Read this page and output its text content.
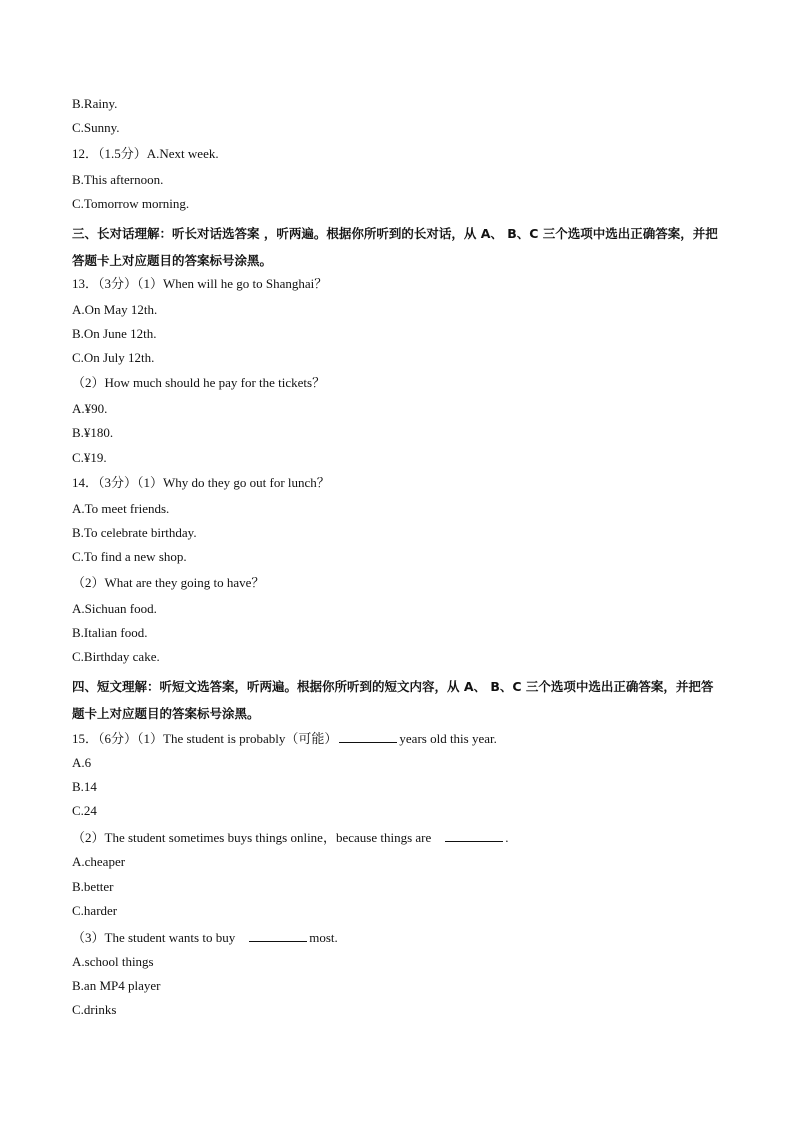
B.Rainy.
C.Sunny.
12．（1.5分）A.Next week.
B.This afternoon.
C.Tomorrow morning.
三、长对话理解：听长对话选答案 ，听两遍。根据你所听到的长对话，从 A、 B、C 三个选项中选出正确答案，并把答题卡上对应题目的答案标号涂黑。
13．（3分）（1）When will he go to Shanghai？
A.On May 12th.
B.On June 12th.
C.On July 12th.
（2）How much should he pay for the tickets？
A.¥90.
B.¥180.
C.¥19.
14．（3分）（1）Why do they go out for lunch？
A.To meet friends.
B.To celebrate birthday.
C.To find a new shop.
（2）What are they going to have？
A.Sichuan food.
B.Italian food.
C.Birthday cake.
四、短文理解：听短文选答案，听两遍。根据你所听到的短文内容，从 A、 B、C 三个选项中选出正确答案，并把答题卡上对应题目的答案标号涂黑。
15．（6分）（1）The student is probably（可能）	years old this year.
A.6
B.14
C.24
（2）The student sometimes buys things online，because things are	.
A.cheaper
B.better
C.harder
（3）The student wants to buy	most.
A.school things
B.an MP4 player
C.drinks
